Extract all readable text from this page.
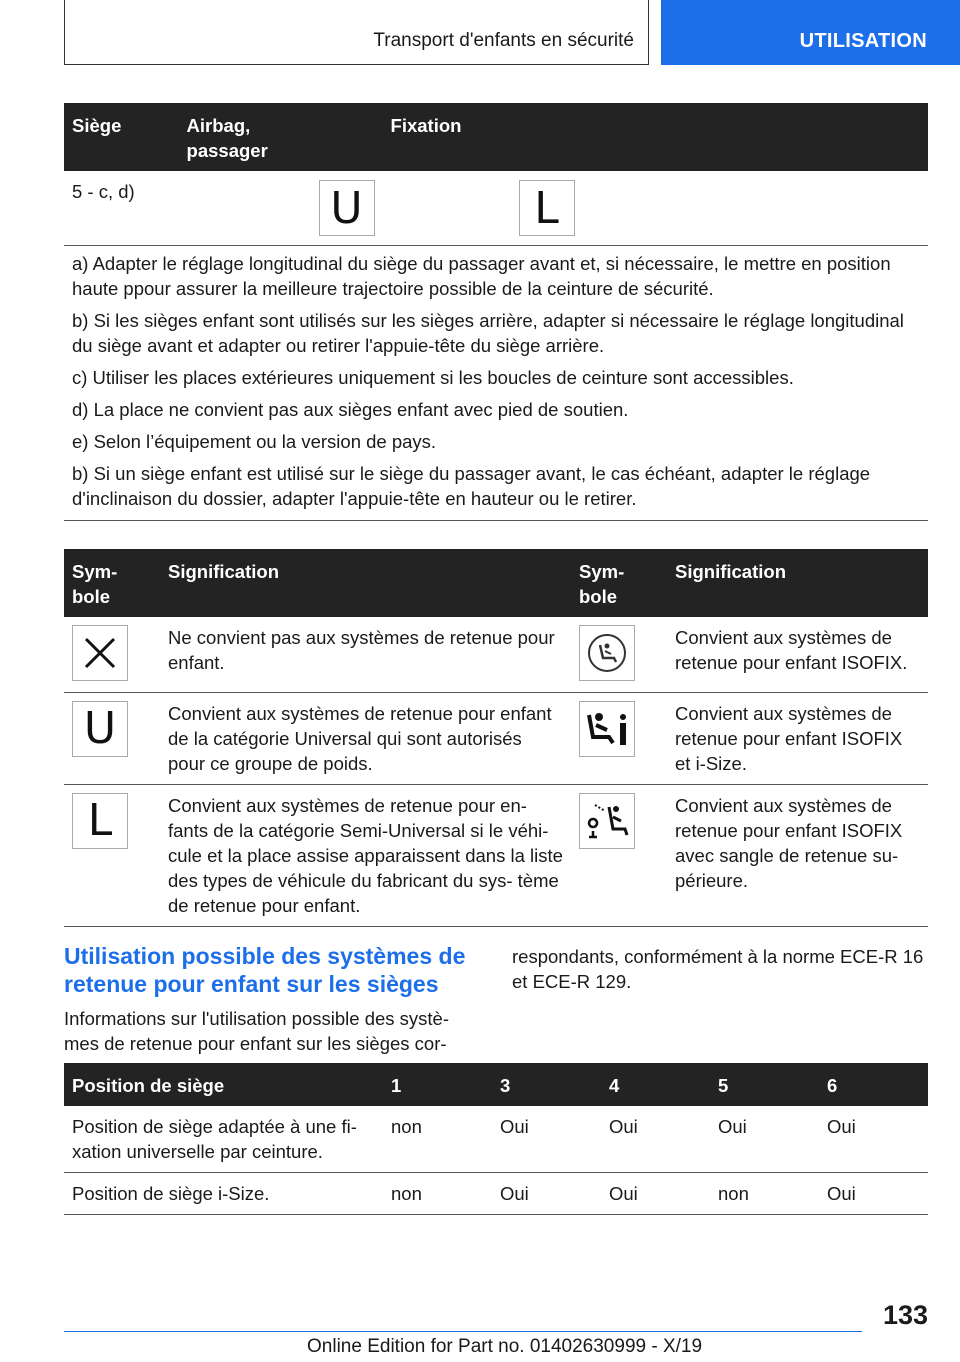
Transport d'enfants en sécurité	UTILISATION
Siège	Airbag, passager	Fixation
5 - c, d)	U	L

a) Adapter le réglage longitudinal du siège du passager avant et, si nécessaire, le mettre en position haute ppour assurer la meilleure trajectoire possible de la ceinture de sécurité.

b) Si les sièges enfant sont utilisés sur les sièges arrière, adapter si nécessaire le réglage longitudinal du siège avant et adapter ou retirer l'appuie-tête du siège arrière.

c) Utiliser les places extérieures uniquement si les boucles de ceinture sont accessibles.

d) La place ne convient pas aux sièges enfant avec pied de soutien.

e) Selon l’équipement ou la version de pays.

b) Si un siège enfant est utilisé sur le siège du passager avant, le cas échéant, adapter le réglage d'inclinaison du dossier, adapter l'appuie-tête en hauteur ou le retirer.

Sym- bole	Signification	Sym- bole	Signification

	Ne convient pas aux systèmes de retenue pour enfant.		Convient aux systèmes de retenue pour enfant ISOFIX.

U	Convient aux systèmes de retenue pour enfant de la catégorie Universal qui sont autorisés pour ce groupe de poids.		Convient aux systèmes de retenue pour enfant ISOFIX et i-Size.

L	Convient aux systèmes de retenue pour en- fants de la catégorie Semi-Universal si le véhi- cule et la place assise apparaissent dans la liste des types de véhicule du fabricant du sys- tème de retenue pour enfant.		Convient aux systèmes de retenue pour enfant ISOFIX avec sangle de retenue su- périeure.
Utilisation possible des systèmes de retenue pour enfant sur les sièges
Informations sur l'utilisation possible des systè- mes de retenue pour enfant sur les sièges cor-
respondants, conformément à la norme ECE-R 16 et ECE-R 129.
Position de siège	1	3	4	5	6
Position de siège adaptée à une fi- xation universelle par ceinture.	non	Oui	Oui	Oui	Oui
Position de siège i-Size.	non	Oui	Oui	non	Oui
133
Online Edition for Part no. 01402630999 - X/19
